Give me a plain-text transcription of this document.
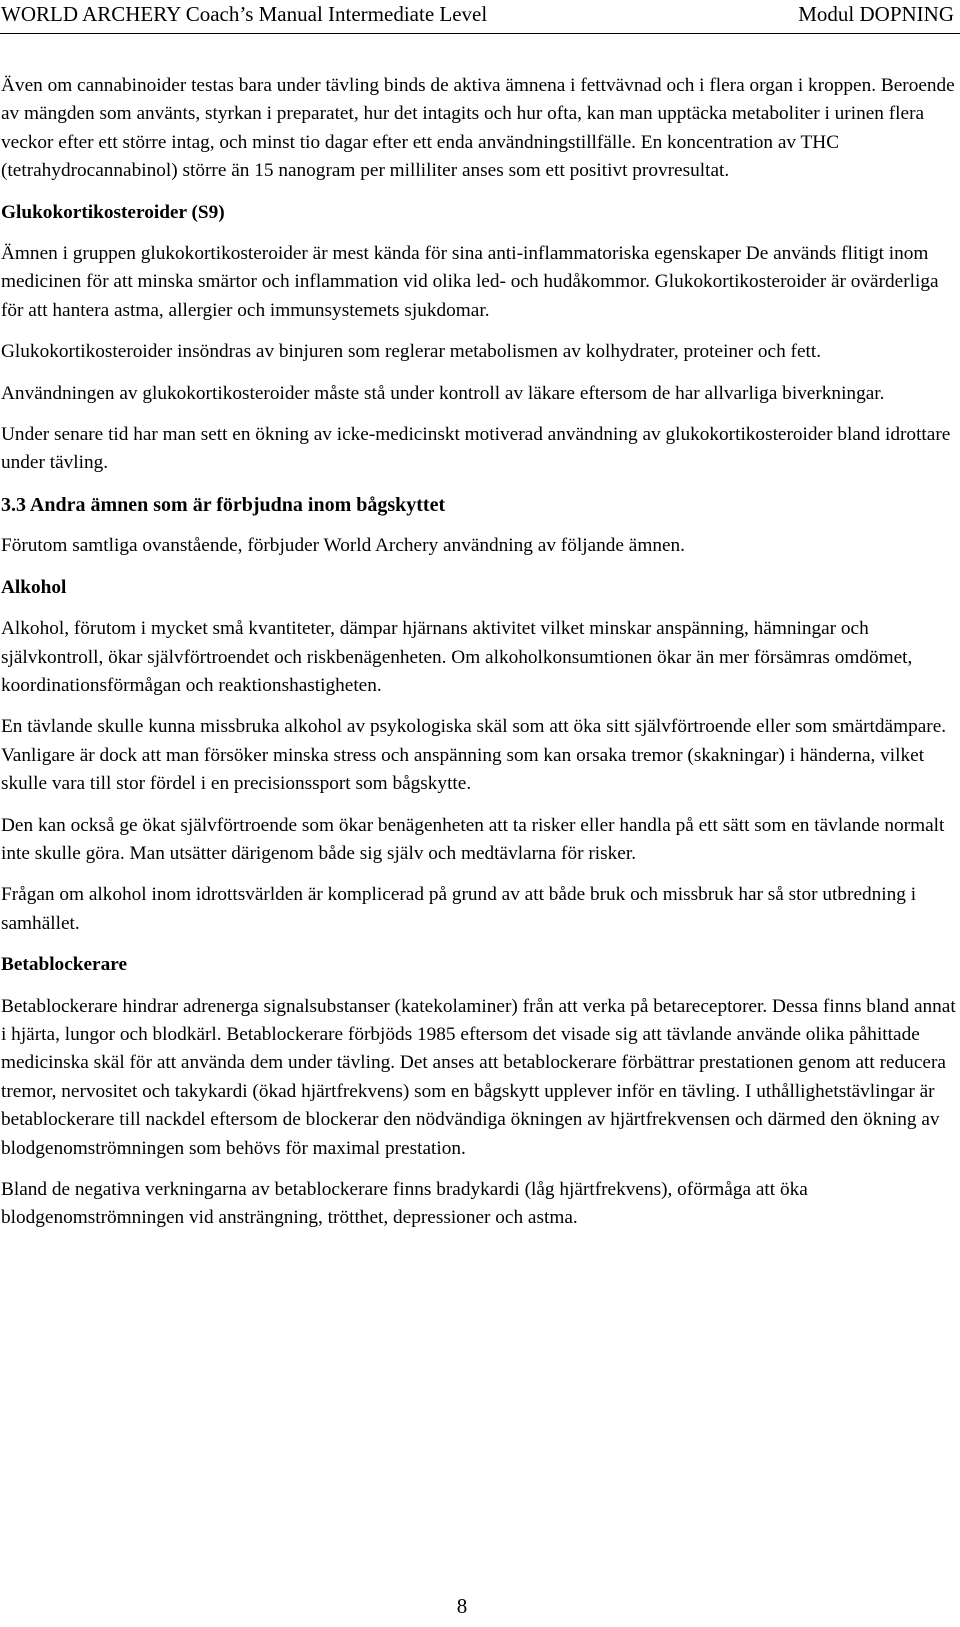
WORLD ARCHERY Coach’s Manual Intermediate Level	Modul DOPNING

Även om cannabinoider testas bara under tävling binds de aktiva ämnena i fettvävnad och i flera organ i kroppen. Beroende av mängden som använts, styrkan i preparatet, hur det intagits och hur ofta, kan man upptäcka metaboliter i urinen flera veckor efter ett större intag, och minst tio dagar efter ett enda användningstillfälle. En koncentration av THC (tetrahydrocannabinol) större än 15 nanogram per milliliter anses som ett positivt provresultat.

Glukokortikosteroider (S9)

Ämnen i gruppen glukokortikosteroider är mest kända för sina anti-inflammatoriska egenskaper De används flitigt inom medicinen för att minska smärtor och inflammation vid olika led- och hudåkommor. Glukokortikosteroider är ovärderliga för att hantera astma, allergier och immunsystemets sjukdomar.

Glukokortikosteroider insöndras av binjuren som reglerar metabolismen av kolhydrater, proteiner och fett.

Användningen av glukokortikosteroider måste stå under kontroll av läkare eftersom de har allvarliga biverkningar.

Under senare tid har man sett en ökning av icke-medicinskt motiverad användning av glukokortikosteroider bland idrottare under tävling.

3.3 Andra ämnen som är förbjudna inom bågskyttet

Förutom samtliga ovanstående, förbjuder World Archery användning av följande ämnen.

Alkohol

Alkohol, förutom i mycket små kvantiteter, dämpar hjärnans aktivitet vilket minskar anspänning, hämningar och självkontroll, ökar självförtroendet och riskbenägenheten. Om alkoholkonsumtionen ökar än mer försämras omdömet, koordinationsförmågan och reaktionshastigheten.

En tävlande skulle kunna missbruka alkohol av psykologiska skäl som att öka sitt självförtroende eller som smärtdämpare. Vanligare är dock att man försöker minska stress och anspänning som kan orsaka tremor (skakningar) i händerna, vilket skulle vara till stor fördel i en precisionssport som bågskytte.

Den kan också ge ökat självförtroende som ökar benägenheten att ta risker eller handla på ett sätt som en tävlande normalt inte skulle göra. Man utsätter därigenom både sig själv och medtävlarna för risker.

Frågan om alkohol inom idrottsvärlden är komplicerad på grund av att både bruk och missbruk har så stor utbredning i samhället.

Betablockerare

Betablockerare hindrar adrenerga signalsubstanser (katekolaminer) från att verka på betareceptorer. Dessa finns bland annat i hjärta, lungor och blodkärl. Betablockerare förbjöds 1985 eftersom det visade sig att tävlande använde olika påhittade medicinska skäl för att använda dem under tävling. Det anses att betablockerare förbättrar prestationen genom att reducera tremor, nervositet och takykardi (ökad hjärtfrekvens) som en bågskytt upplever inför en tävling. I uthållighetstävlingar är betablockerare till nackdel eftersom de blockerar den nödvändiga ökningen av hjärtfrekvensen och därmed den ökning av blodgenomströmningen som behövs för maximal prestation.

Bland de negativa verkningarna av betablockerare finns bradykardi (låg hjärtfrekvens), oförmåga att öka blodgenomströmningen vid ansträngning, trötthet, depressioner och astma.

8
